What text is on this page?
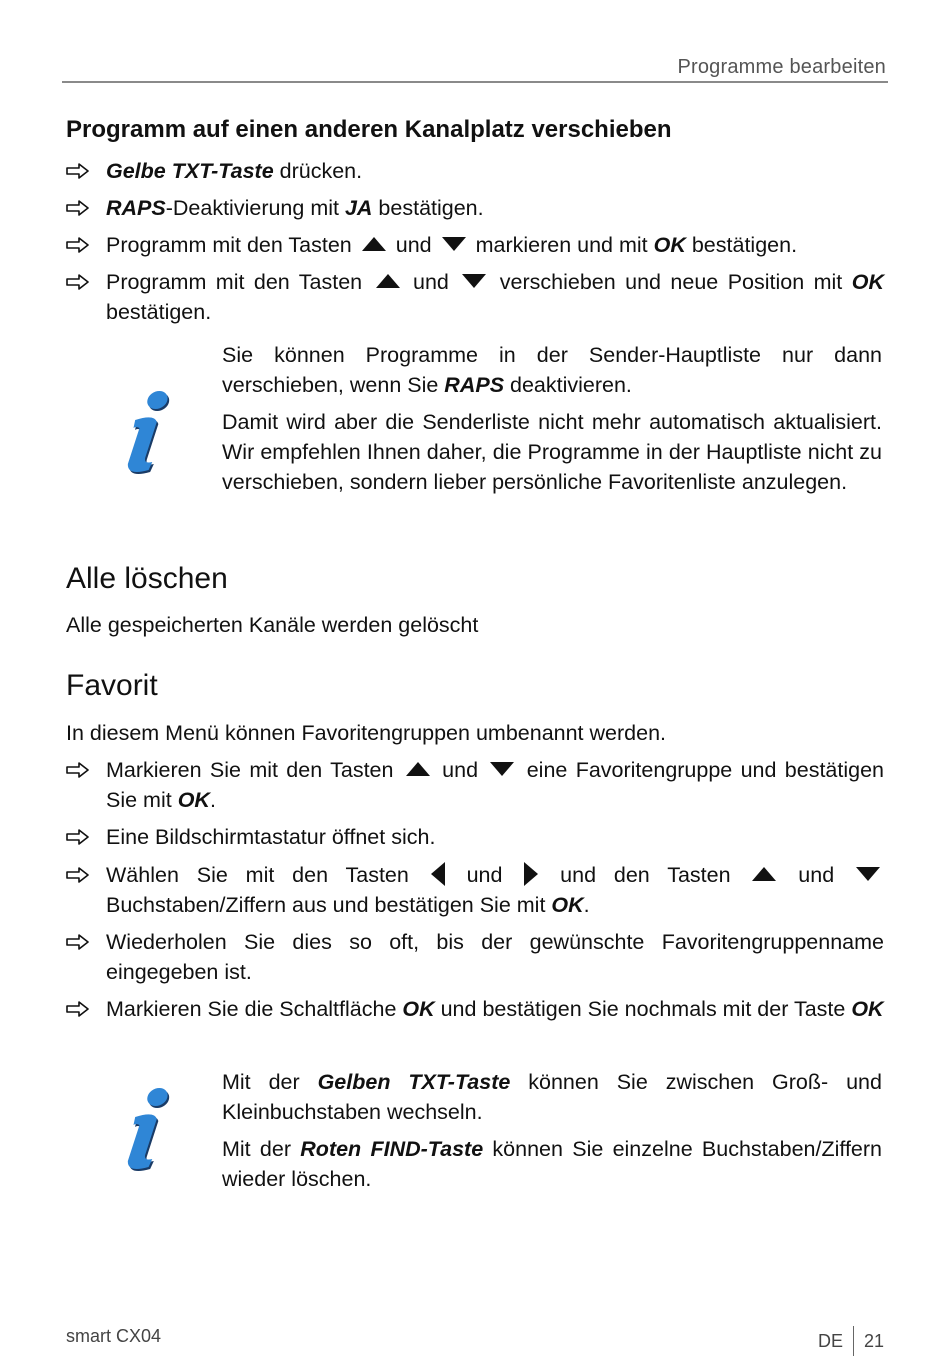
Programme bearbeiten
Programm auf einen anderen Kanalplatz verschieben
Gelbe TXT-Taste drücken.
RAPS-Deaktivierung mit JA bestätigen.
Programm mit den Tasten und markieren und mit OK bestätigen.
Programm mit den Tasten und verschieben und neue Position mit OK bestätigen.
Sie können Programme in der Sender-Hauptliste nur dann verschieben, wenn Sie RAPS deaktivieren.
Damit wird aber die Senderliste nicht mehr automatisch aktualisiert. Wir empfehlen Ihnen daher, die Programme in der Hauptliste nicht zu verschieben, sondern lieber persönliche Favoritenliste anzulegen.
Alle löschen
Alle gespeicherten Kanäle werden gelöscht
Favorit
In diesem Menü können Favoritengruppen umbenannt werden.
Markieren Sie mit den Tasten und eine Favoritengruppe und bestätigen Sie mit OK.
Eine Bildschirmtastatur öffnet sich.
Wählen Sie mit den Tasten	und	und den Tasten	und  Buchstaben/Ziffern aus und bestätigen Sie mit OK.
Wiederholen Sie dies so oft, bis der gewünschte Favoritengruppenname eingegeben ist.
Markieren Sie die Schaltfläche OK und bestätigen Sie nochmals mit der Taste OK
Mit der Gelben TXT-Taste können Sie zwischen Groß- und Kleinbuchstaben wechseln.
Mit der Roten FIND-Taste können Sie einzelne Buchstaben/Ziffern wieder löschen.
smart CX04	DE 21
